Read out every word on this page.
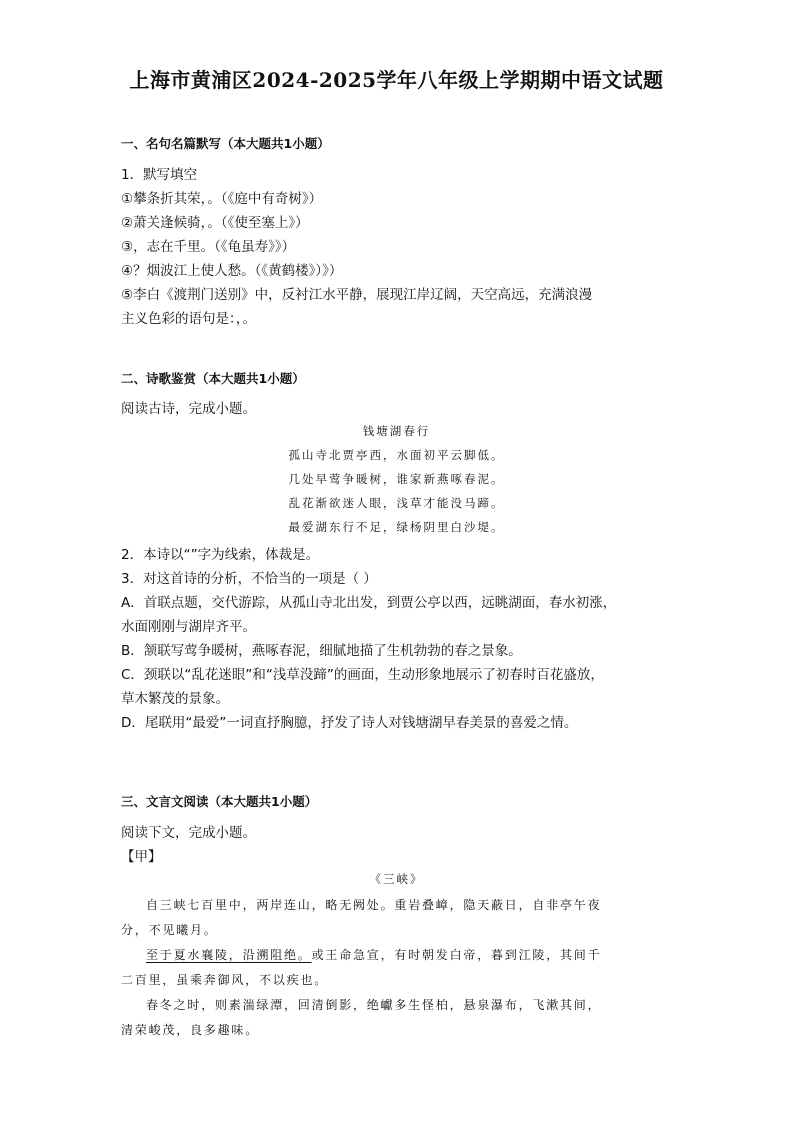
上海市黄浦区2024-2025学年八年级上学期期中语文试题
一、名句名篇默写（本大题共1小题）
1．默写填空
①攀条折其荣，。（《庭中有奇树》）
②萧关逢候骑，。（《使至塞上》）
③，志在千里。（《龟虽寿》》）
④？烟波江上使人愁。（《黄鹤楼》）》）
⑤李白《渡荆门送别》中，反衬江水平静，展现江岸辽阔，天空高远，充满浪漫
主义色彩的语句是：，。
二、诗歌鉴赏（本大题共1小题）
阅读古诗，完成小题。
钱塘湖春行
孤山寺北贾亭西，水面初平云脚低。
几处早莺争暖树，谁家新燕啄春泥。
乱花渐欲迷人眼，浅草才能没马蹄。
最爱湖东行不足，绿杨阴里白沙堤。
2．本诗以“”字为线索，体裁是。
3．对这首诗的分析，不恰当的一项是（ ）
A．首联点题，交代游踪，从孤山寺北出发，到贾公亭以西，远眺湖面，春水初涨，
水面刚刚与湖岸齐平。
B．颔联写莺争暖树，燕啄春泥，细腻地描了生机勃勃的春之景象。
C．颈联以“乱花迷眼”和“浅草没蹄”的画面，生动形象地展示了初春时百花盛放，
草木繁茂的景象。
D．尾联用“最爱”一词直抒胸臆，抒发了诗人对钱塘湖早春美景的喜爱之情。
三、文言文阅读（本大题共1小题）
阅读下文，完成小题。
【甲】
《三峡》
自三峡七百里中，两岸连山，略无阙处。重岩叠嶂，隐天蔽日，自非亭午夜
分，不见曦月。
至于夏水襄陵，沿溯阻绝。或王命急宣，有时朝发白帝，暮到江陵，其间千
二百里，虽乘奔御风，不以疾也。
春冬之时，则素湍绿潭，回清倒影，绝巘多生怪柏，悬泉瀑布，飞漱其间，
清荣峻茂，良多趣味。
